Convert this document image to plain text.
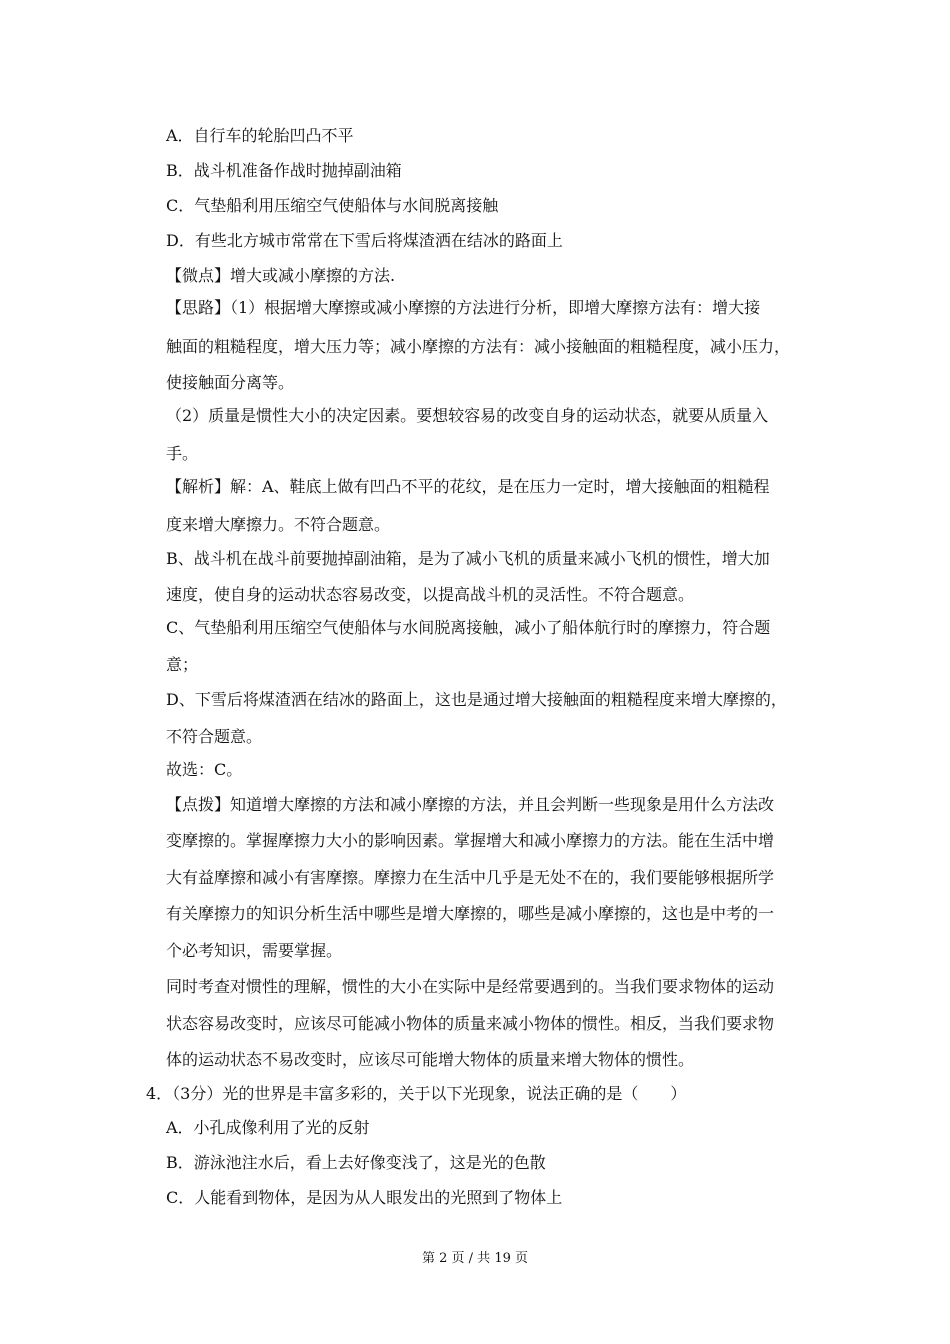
A．自行车的轮胎凹凸不平
B．战斗机准备作战时抛掉副油箱
C．气垫船利用压缩空气使船体与水间脱离接触
D．有些北方城市常常在下雪后将煤渣洒在结冰的路面上
【微点】增大或减小摩擦的方法.
【思路】（1）根据增大摩擦或减小摩擦的方法进行分析，即增大摩擦方法有：增大接
触面的粗糙程度，增大压力等；减小摩擦的方法有：减小接触面的粗糙程度，减小压力，
使接触面分离等。
（2）质量是惯性大小的决定因素。要想较容易的改变自身的运动状态，就要从质量入
手。
【解析】解：A、鞋底上做有凹凸不平的花纹，是在压力一定时，增大接触面的粗糙程
度来增大摩擦力。不符合题意。
B、战斗机在战斗前要抛掉副油箱，是为了减小飞机的质量来减小飞机的惯性，增大加
速度，使自身的运动状态容易改变，以提高战斗机的灵活性。不符合题意。
C、气垫船利用压缩空气使船体与水间脱离接触，减小了船体航行时的摩擦力，符合题
意；
D、下雪后将煤渣洒在结冰的路面上，这也是通过增大接触面的粗糙程度来增大摩擦的，
不符合题意。
故选：C。
【点拨】知道增大摩擦的方法和减小摩擦的方法，并且会判断一些现象是用什么方法改
变摩擦的。掌握摩擦力大小的影响因素。掌握增大和减小摩擦力的方法。能在生活中增
大有益摩擦和减小有害摩擦。摩擦力在生活中几乎是无处不在的，我们要能够根据所学
有关摩擦力的知识分析生活中哪些是增大摩擦的，哪些是减小摩擦的，这也是中考的一
个必考知识，需要掌握。
同时考查对惯性的理解，惯性的大小在实际中是经常要遇到的。当我们要求物体的运动
状态容易改变时，应该尽可能减小物体的质量来减小物体的惯性。相反，当我们要求物
体的运动状态不易改变时，应该尽可能增大物体的质量来增大物体的惯性。
4．（3分）光的世界是丰富多彩的，关于以下光现象，说法正确的是（　　）
A．小孔成像利用了光的反射
B．游泳池注水后，看上去好像变浅了，这是光的色散
C．人能看到物体，是因为从人眼发出的光照到了物体上
第 2 页 / 共 19 页
